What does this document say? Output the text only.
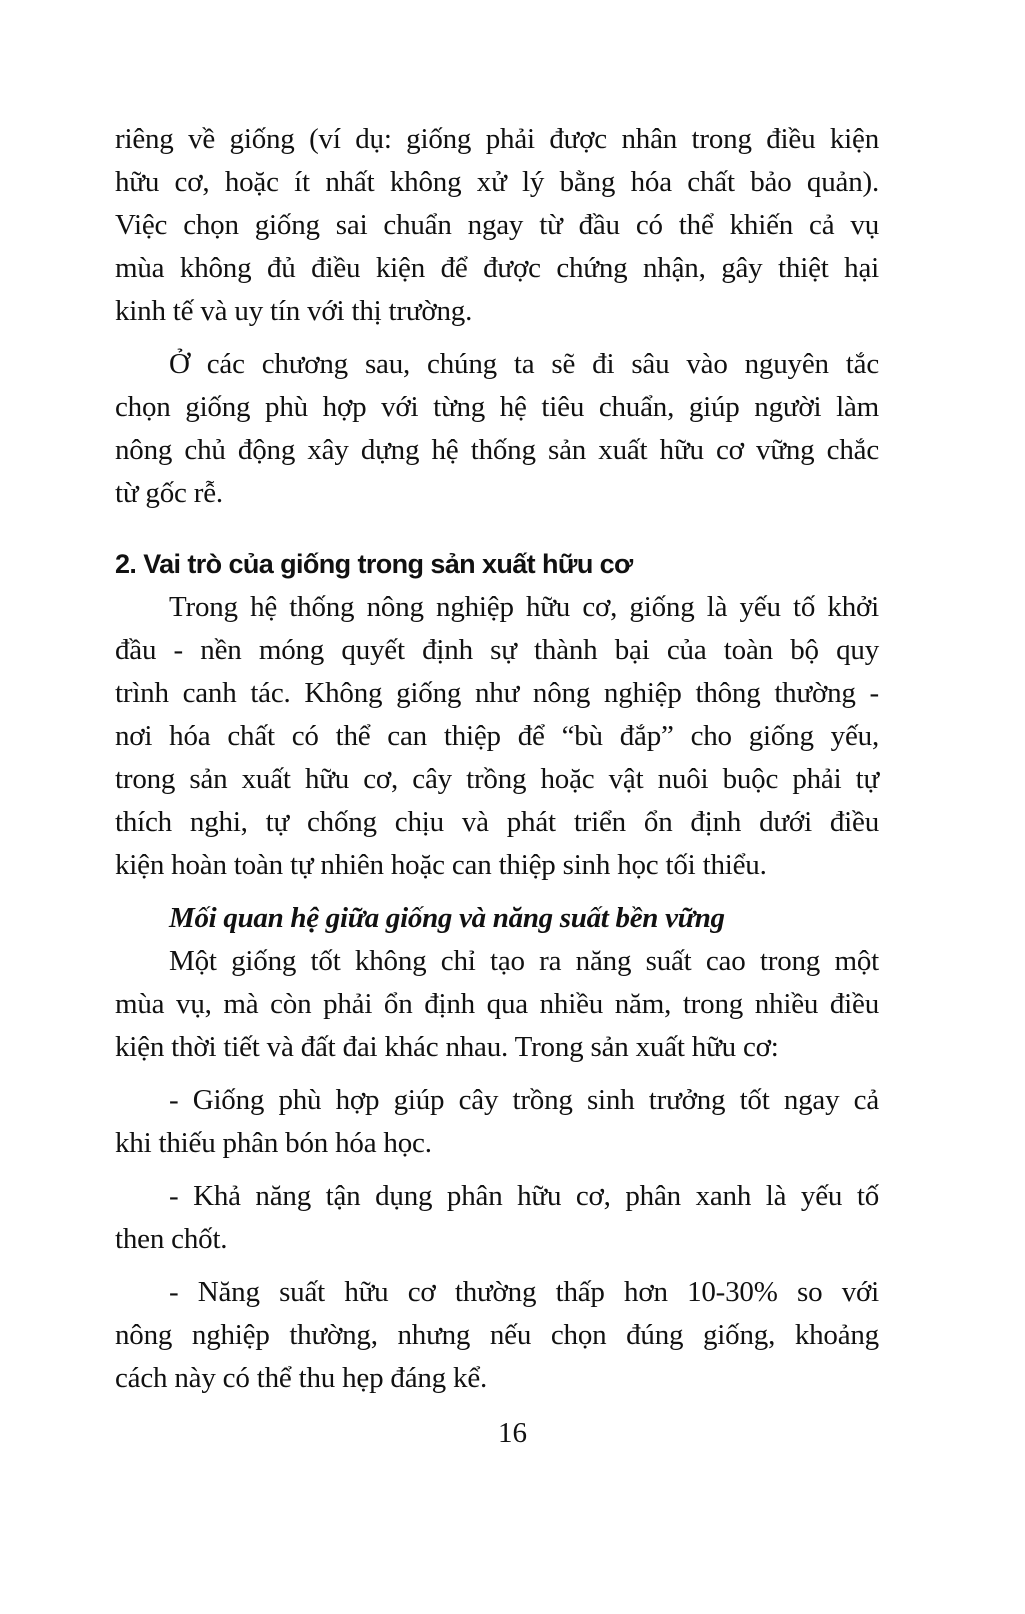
riêng về giống (ví dụ: giống phải được nhân trong điều kiện
hữu cơ, hoặc ít nhất không xử lý bằng hóa chất bảo quản).
Việc chọn giống sai chuẩn ngay từ đầu có thể khiến cả vụ
mùa không đủ điều kiện để được chứng nhận, gây thiệt hại
kinh tế và uy tín với thị trường.
Ở các chương sau, chúng ta sẽ đi sâu vào nguyên tắc
chọn giống phù hợp với từng hệ tiêu chuẩn, giúp người làm
nông chủ động xây dựng hệ thống sản xuất hữu cơ vững chắc
từ gốc rễ.
2. Vai trò của giống trong sản xuất hữu cơ
Trong hệ thống nông nghiệp hữu cơ, giống là yếu tố khởi
đầu - nền móng quyết định sự thành bại của toàn bộ quy
trình canh tác. Không giống như nông nghiệp thông thường -
nơi hóa chất có thể can thiệp để “bù đắp” cho giống yếu,
trong sản xuất hữu cơ, cây trồng hoặc vật nuôi buộc phải tự
thích nghi, tự chống chịu và phát triển ổn định dưới điều
kiện hoàn toàn tự nhiên hoặc can thiệp sinh học tối thiểu.
Mối quan hệ giữa giống và năng suất bền vững
Một giống tốt không chỉ tạo ra năng suất cao trong một
mùa vụ, mà còn phải ổn định qua nhiều năm, trong nhiều điều
kiện thời tiết và đất đai khác nhau. Trong sản xuất hữu cơ:
- Giống phù hợp giúp cây trồng sinh trưởng tốt ngay cả
khi thiếu phân bón hóa học.
- Khả năng tận dụng phân hữu cơ, phân xanh là yếu tố
then chốt.
- Năng suất hữu cơ thường thấp hơn 10-30% so với
nông nghiệp thường, nhưng nếu chọn đúng giống, khoảng
cách này có thể thu hẹp đáng kể.
16
